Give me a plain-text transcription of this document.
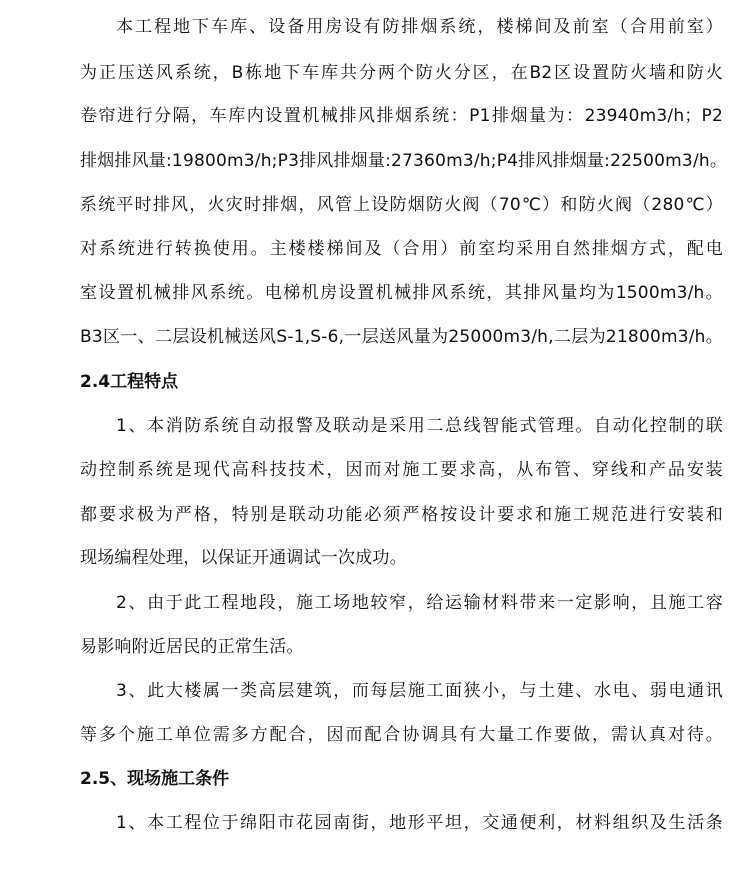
本工程地下车库、设备用房设有防排烟系统，楼梯间及前室（合用前室）
为正压送风系统，B栋地下车库共分两个防火分区，在B2区设置防火墙和防火
卷帘进行分隔，车库内设置机械排风排烟系统：P1排烟量为：23940m3/h；P2
排烟排风量:19800m3/h;P3排风排烟量:27360m3/h;P4排风排烟量:22500m3/h。
系统平时排风，火灾时排烟，风管上设防烟防火阀（70℃）和防火阀（280℃）
对系统进行转换使用。主楼楼梯间及（合用）前室均采用自然排烟方式，配电
室设置机械排风系统。电梯机房设置机械排风系统，其排风量均为1500m3/h。
B3区一、二层设机械送风S-1,S-6,一层送风量为25000m3/h,二层为21800m3/h。
2.4工程特点
1、本消防系统自动报警及联动是采用二总线智能式管理。自动化控制的联
动控制系统是现代高科技技术，因而对施工要求高，从布管、穿线和产品安装
都要求极为严格，特别是联动功能必须严格按设计要求和施工规范进行安装和
现场编程处理，以保证开通调试一次成功。
2、由于此工程地段，施工场地较窄，给运输材料带来一定影响，且施工容
易影响附近居民的正常生活。
3、此大楼属一类高层建筑，而每层施工面狭小，与土建、水电、弱电通讯
等多个施工单位需多方配合，因而配合协调具有大量工作要做，需认真对待。
2.5、现场施工条件
1、本工程位于绵阳市花园南街，地形平坦，交通便利，材料组织及生活条
